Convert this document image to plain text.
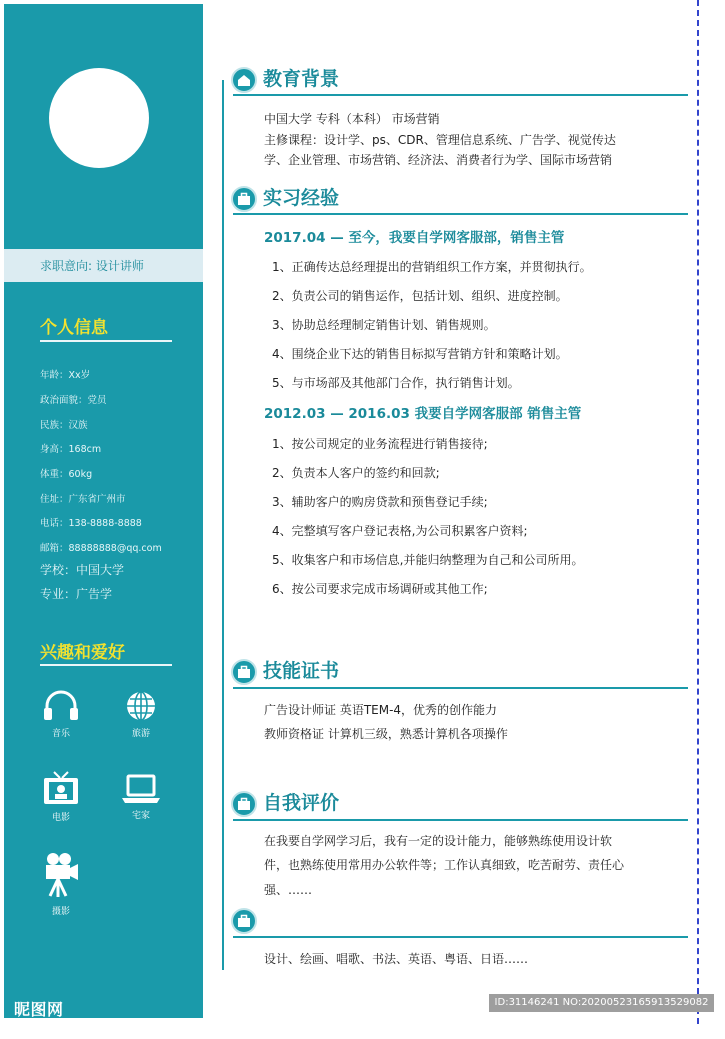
求职意向: 设计讲师
个人信息
年龄：Xx岁
政治面貌：党员
民族：汉族
身高：168cm
体重：60kg
住址：广东省广州市
电话：138-8888-8888
邮箱：88888888@qq.com
学校：中国大学
专业：广告学
兴趣和爱好
音乐	旅游
电影	宅家
摄影
昵图网 www.nipic.com
教育背景
中国大学 专科（本科） 市场营销
主修课程：设计学、ps、CDR、管理信息系统、广告学、视觉传达
学、企业管理、市场营销、经济法、消费者行为学、国际市场营销
实习经验
2017.04 — 至今，我要自学网客服部，销售主管
1、正确传达总经理提出的营销组织工作方案，并贯彻执行。
2、负责公司的销售运作，包括计划、组织、进度控制。
3、协助总经理制定销售计划、销售规则。
4、围绕企业下达的销售目标拟写营销方针和策略计划。
5、与市场部及其他部门合作，执行销售计划。
2012.03 — 2016.03 我要自学网客服部 销售主管
1、按公司规定的业务流程进行销售接待;
2、负责本人客户的签约和回款;
3、辅助客户的购房贷款和预售登记手续;
4、完整填写客户登记表格,为公司积累客户资料;
5、收集客户和市场信息,并能归纳整理为自己和公司所用。
6、按公司要求完成市场调研或其他工作;
技能证书
广告设计师证 英语TEM-4，优秀的创作能力
教师资格证 计算机三级，熟悉计算机各项操作
自我评价
在我要自学网学习后，我有一定的设计能力，能够熟练使用设计软
件，也熟练使用常用办公软件等；工作认真细致，吃苦耐劳、责任心
强、……
设计、绘画、唱歌、书法、英语、粤语、日语……
ID:31146241 NO:20200523165913529082
